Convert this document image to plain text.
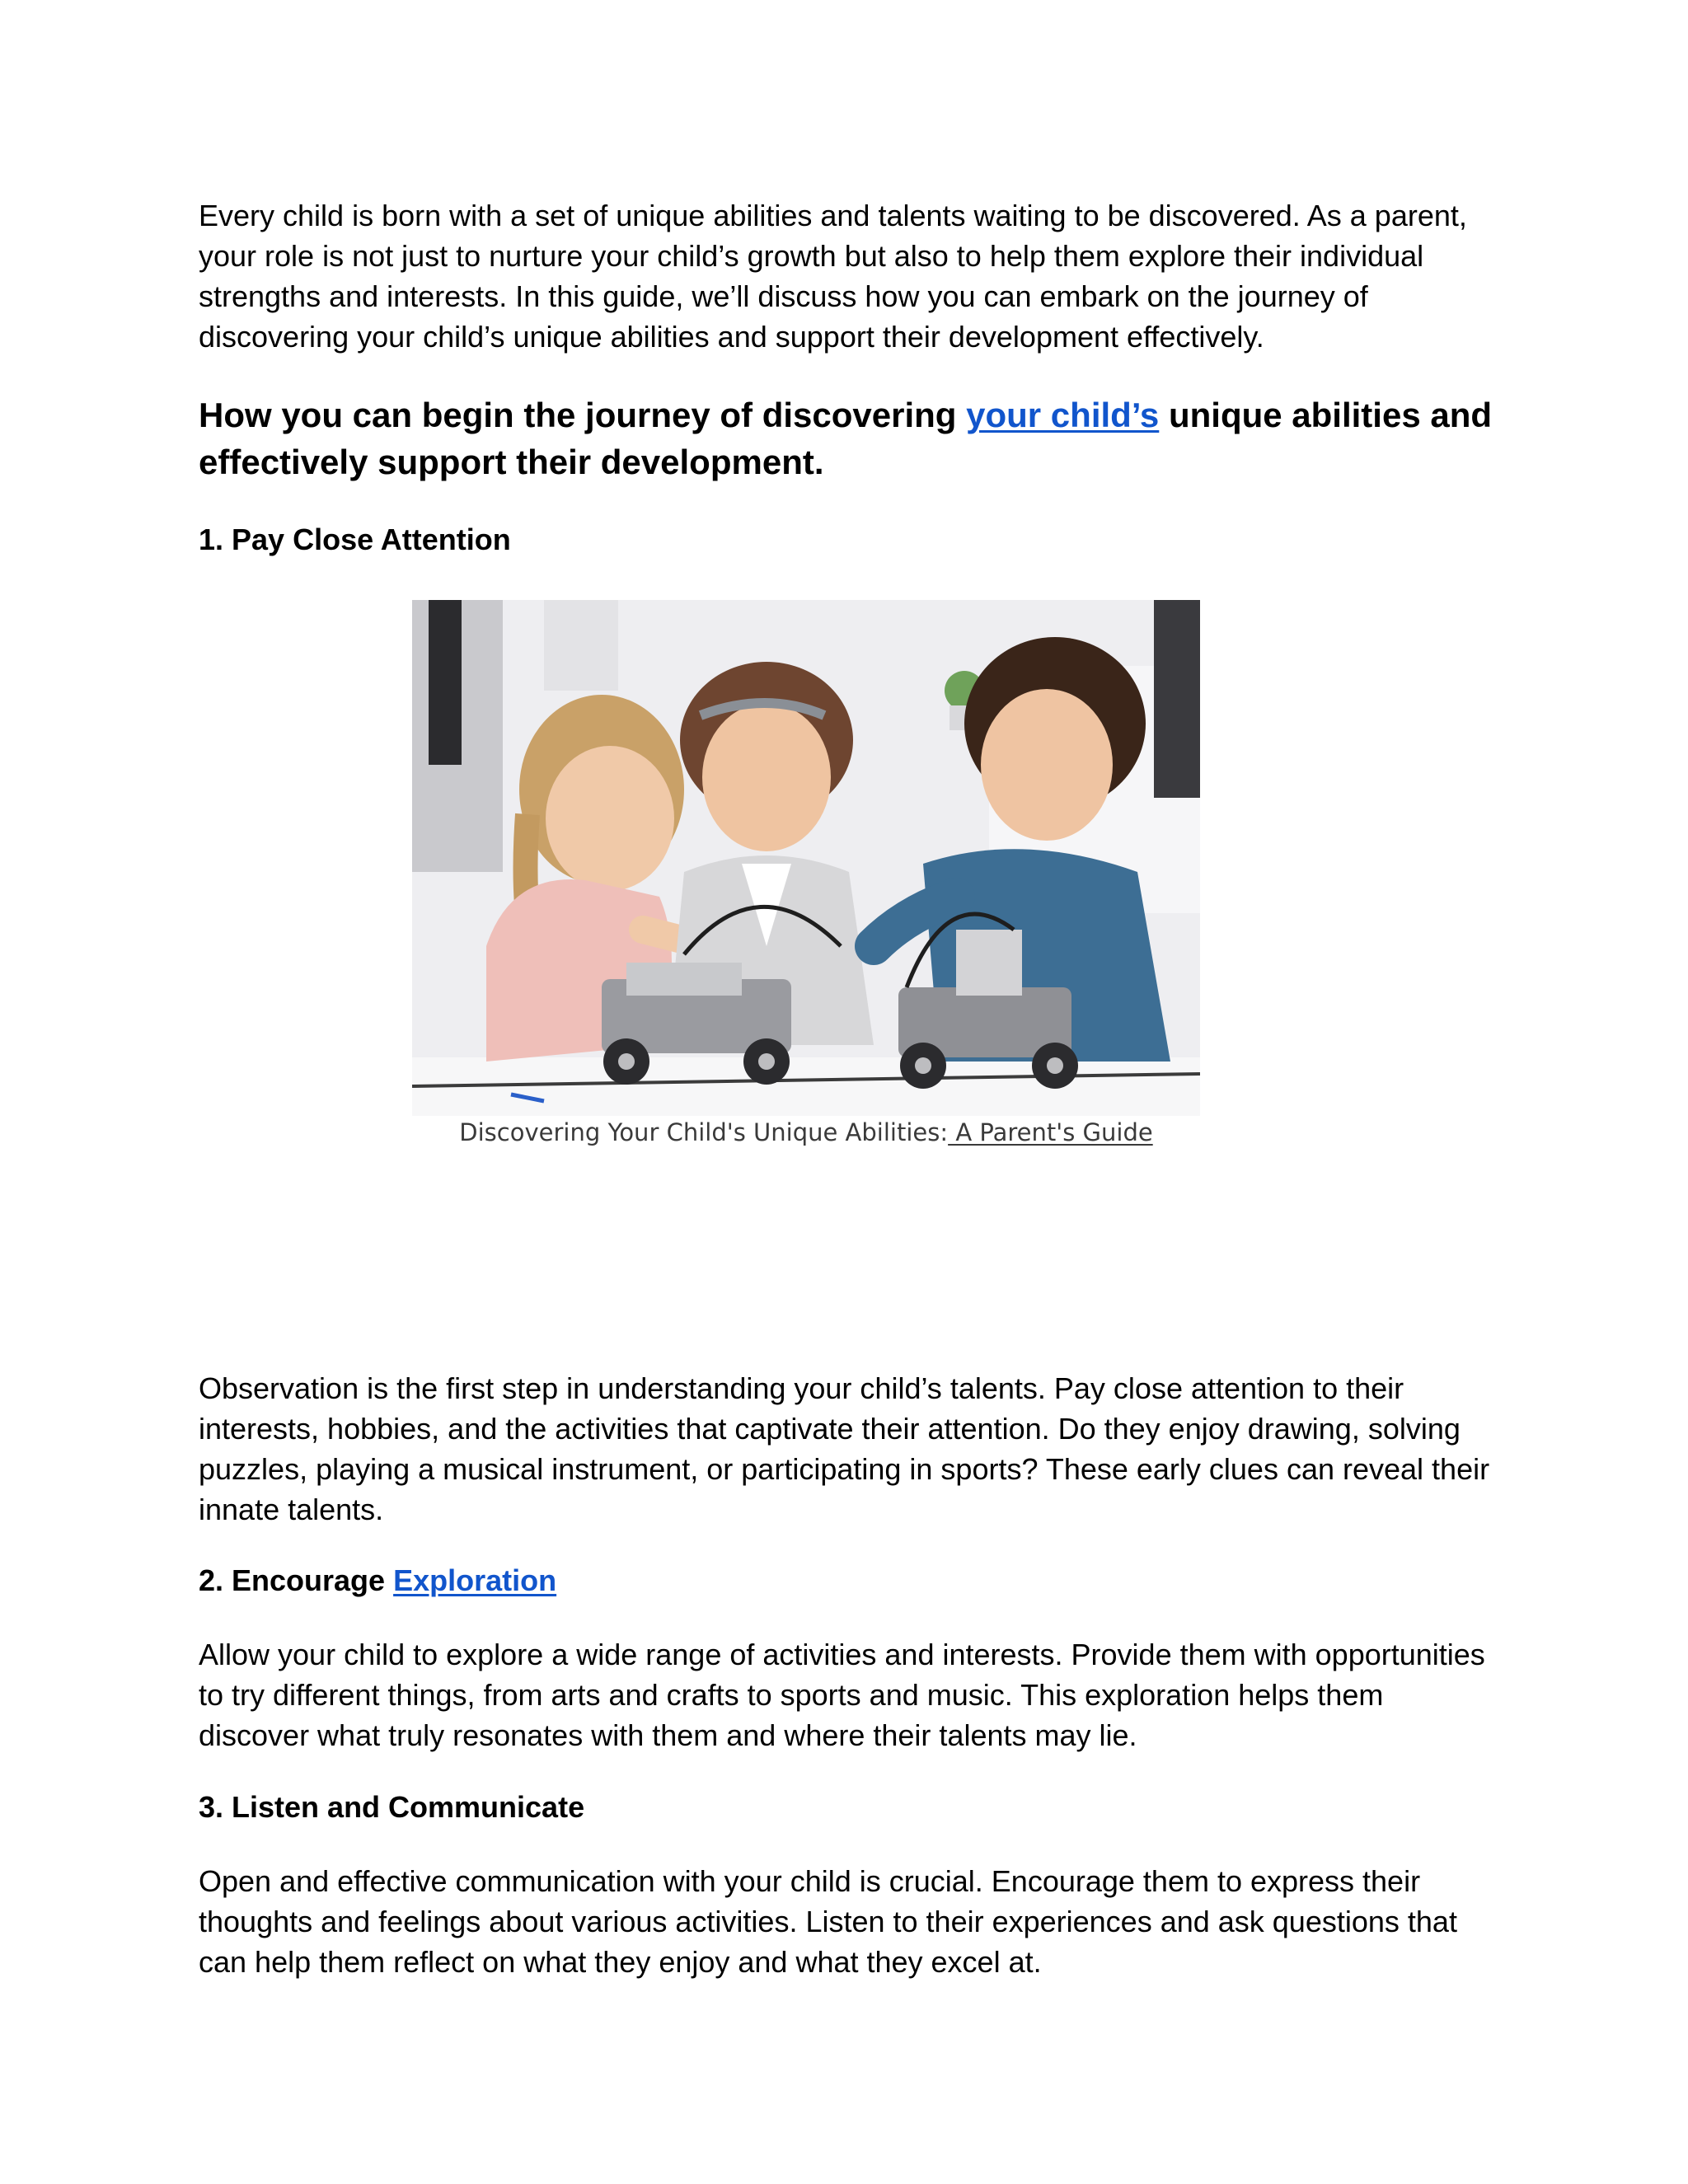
Every child is born with a set of unique abilities and talents waiting to be discovered. As a parent, your role is not just to nurture your child’s growth but also to help them explore their individual strengths and interests. In this guide, we’ll discuss how you can embark on the journey of discovering your child’s unique abilities and support their development effectively.

How you can begin the journey of discovering your child’s unique abilities and effectively support their development.
1. Pay Close Attention

Discovering Your Child's Unique Abilities: A Parent's Guide

Observation is the first step in understanding your child’s talents. Pay close attention to their interests, hobbies, and the activities that captivate their attention. Do they enjoy drawing, solving puzzles, playing a musical instrument, or participating in sports? These early clues can reveal their innate talents.

2. Encourage Exploration

Allow your child to explore a wide range of activities and interests. Provide them with opportunities to try different things, from arts and crafts to sports and music. This exploration helps them discover what truly resonates with them and where their talents may lie.

3. Listen and Communicate

Open and effective communication with your child is crucial. Encourage them to express their thoughts and feelings about various activities. Listen to their experiences and ask questions that can help them reflect on what they enjoy and what they excel at.
